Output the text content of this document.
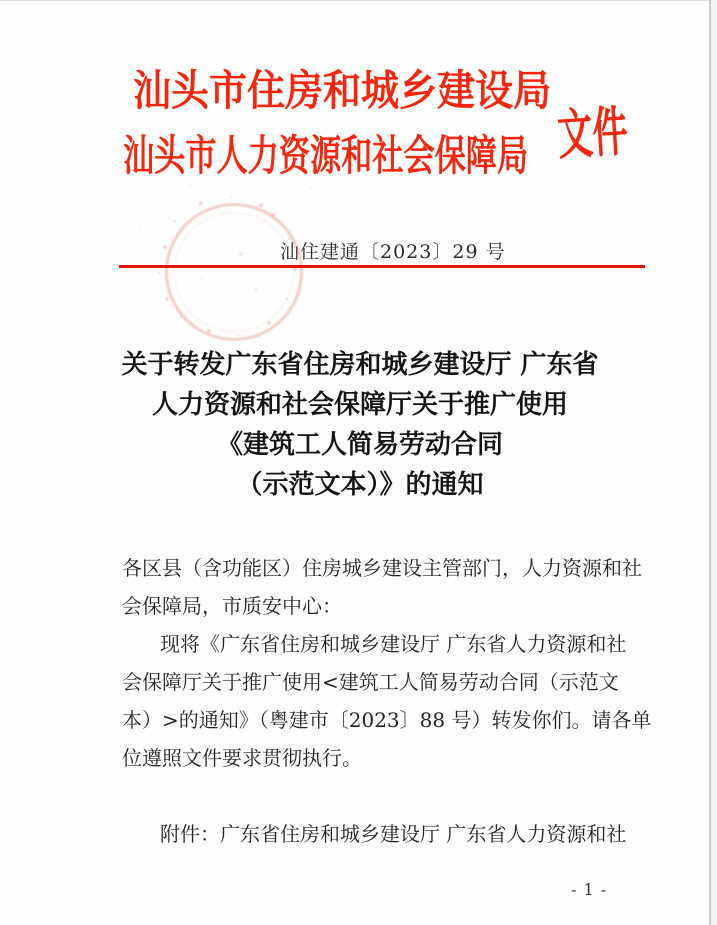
汕头市住房和城乡建设局
汕头市人力资源和社会保障局 文件
汕住建通〔2023〕29 号
关于转发广东省住房和城乡建设厅 广东省
人力资源和社会保障厅关于推广使用
《建筑工人简易劳动合同
（示范文本）》的通知
各区县（含功能区）住房城乡建设主管部门，人力资源和社
会保障局，市质安中心：
现将《广东省住房和城乡建设厅 广东省人力资源和社
会保障厅关于推广使用<建筑工人简易劳动合同（示范文
本）>的通知》（粤建市〔2023〕88 号）转发你们。请各单
位遵照文件要求贯彻执行。
附件：广东省住房和城乡建设厅 广东省人力资源和社
- 1 -
